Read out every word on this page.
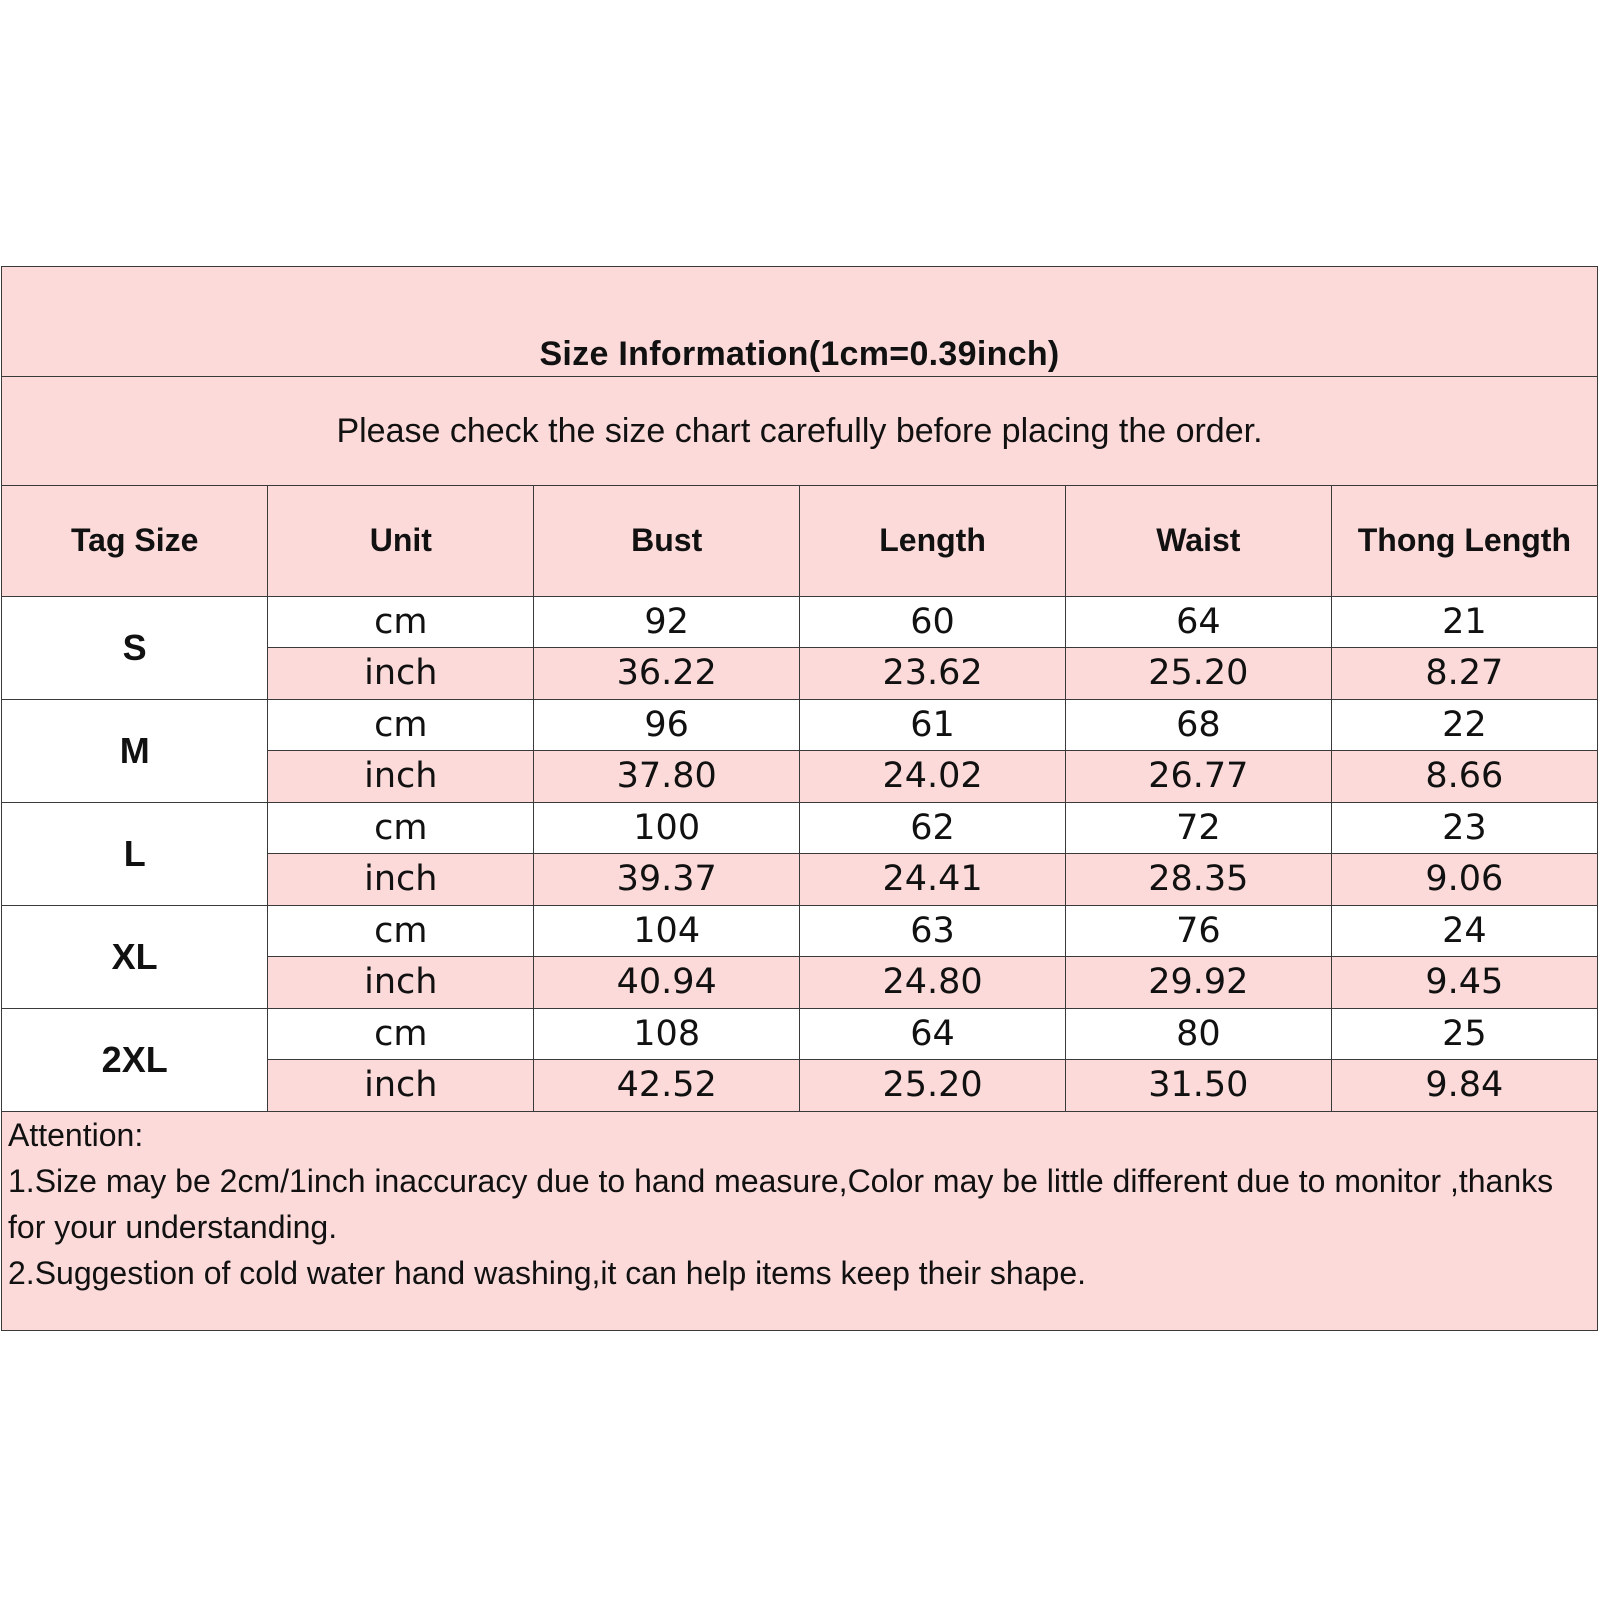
Size Information(1cm=0.39inch)
Please check the size chart carefully before placing the order.
Tag Size	Unit	Bust	Length	Waist	Thong Length
S	cm	92	60	64	21
	inch	36.22	23.62	25.20	8.27
M	cm	96	61	68	22
	inch	37.80	24.02	26.77	8.66
L	cm	100	62	72	23
	inch	39.37	24.41	28.35	9.06
XL	cm	104	63	76	24
	inch	40.94	24.80	29.92	9.45
2XL	cm	108	64	80	25
	inch	42.52	25.20	31.50	9.84

Attention:

1.Size may be 2cm/1inch inaccuracy due to hand measure,Color may be little different due to monitor ,thanks for your understanding.

2.Suggestion of cold water hand washing,it can help items keep their shape.
